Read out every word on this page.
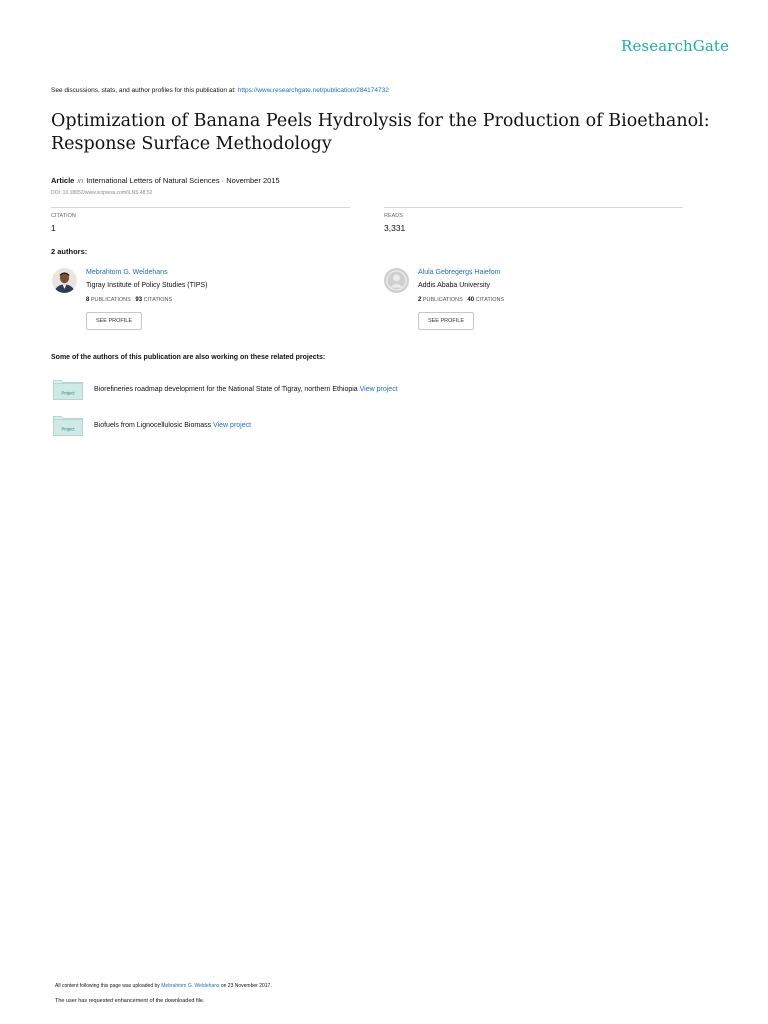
ResearchGate
See discussions, stats, and author profiles for this publication at: https://www.researchgate.net/publication/284174732
Optimization of Banana Peels Hydrolysis for the Production of Bioethanol: Response Surface Methodology
Article in International Letters of Natural Sciences · November 2015
DOI: 10.18052/www.scipress.com/ILNS.48.52
CITATION
1
READS
3,331
2 authors:
Mebrahtom G. Weldehans
Tigray Institute of Policy Studies (TIPS)
8 PUBLICATIONS 93 CITATIONS
SEE PROFILE
Alula Gebregergs Haiefom
Addis Ababa University
2 PUBLICATIONS 40 CITATIONS
SEE PROFILE
Some of the authors of this publication are also working on these related projects:
Project	Biorefineries roadmap development for the National State of Tigray, northern Ethiopia View project
Project	Biofuels from Lignocellulosic Biomass View project
All content following this page was uploaded by Mebrahtom G. Weldehans on 23 November 2017.
The user has requested enhancement of the downloaded file.
